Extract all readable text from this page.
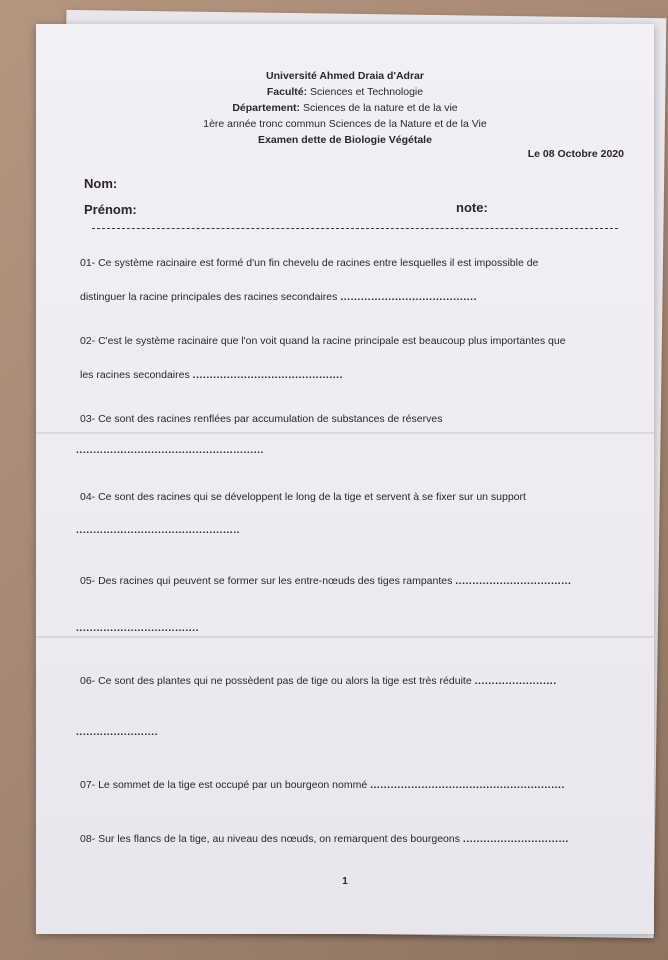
Université Ahmed Draia d'Adrar
Faculté: Sciences et Technologie
Département: Sciences de la nature et de la vie
1ère année tronc commun Sciences de la Nature et de la Vie
Examen dette de Biologie Végétale
Le 08 Octobre 2020
Nom:
Prénom:	note:
01- Ce système racinaire est formé d'un fin chevelu de racines entre lesquelles il est impossible de
distinguer la racine principales des racines secondaires ........................................
02- C'est le système racinaire que l'on voit quand la racine principale est beaucoup plus importantes que
les racines secondaires ............................................
03- Ce sont des racines renflées par accumulation de substances de réserves
.......................................................
04- Ce sont des racines qui se développent le long de la tige et servent à se fixer sur un support
................................................
05- Des racines qui peuvent se former sur les entre-nœuds des tiges rampantes ..................................
....................................
06- Ce sont des plantes qui ne possèdent pas de tige ou alors la tige est très réduite ........................
........................
07- Le sommet de la tige est occupé par un bourgeon nommé .........................................................
08- Sur les flancs de la tige, au niveau des nœuds, on remarquent des bourgeons ...............................
1
